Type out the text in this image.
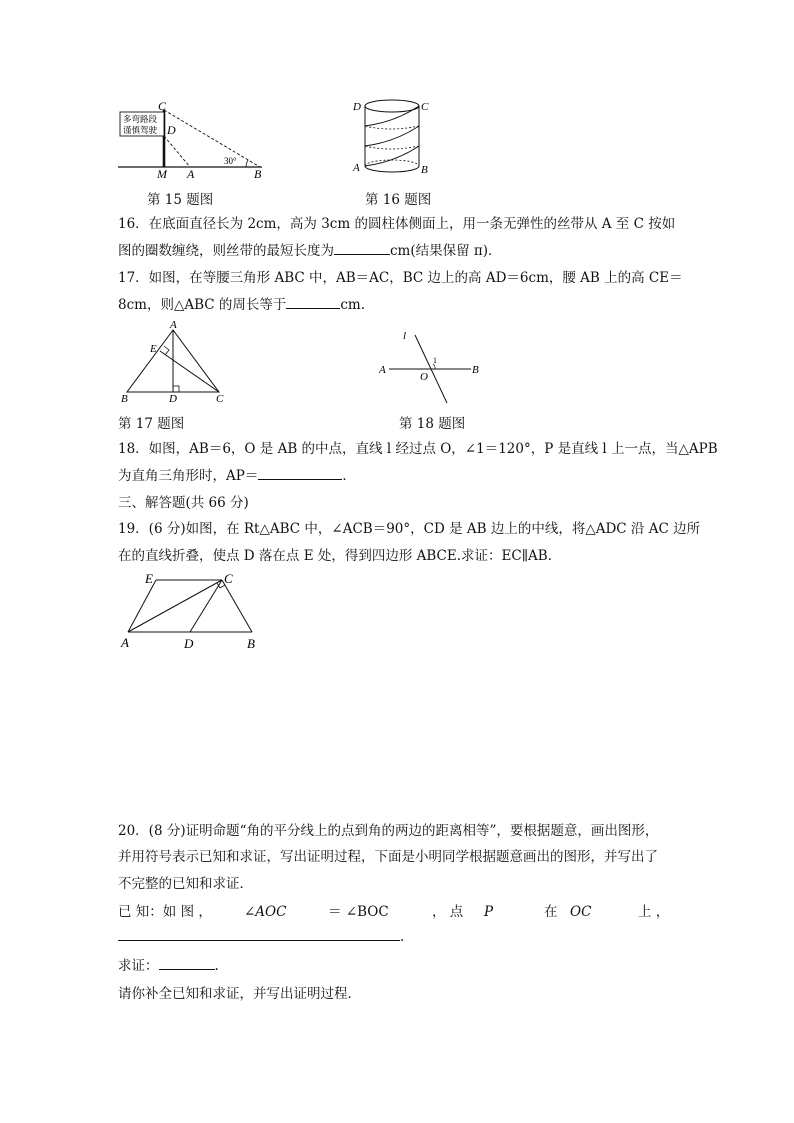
多弯路段
谨慎驾驶
C
D
M A	B
30°
第 15 题图
D	C
A	B
第 16 题图
16．在底面直径长为 2cm，高为 3cm 的圆柱体侧面上，用一条无弹性的丝带从 A 至 C 按如
图的圈数缠绕，则丝带的最短长度为	cm(结果保留 π)．
17．如图，在等腰三角形 ABC 中，AB＝AC，BC 边上的高 AD＝6cm，腰 AB 上的高 CE＝
8cm，则△ABC 的周长等于	cm.
A
E
B	D	C
第 17 题图
l
A	B
O
1
第 18 题图
18．如图，AB＝6，O 是 AB 的中点，直线 l 经过点 O，∠1＝120°，P 是直线 l 上一点，当△APB
为直角三角形时，AP＝	．
三、解答题(共 66 分)
19．(6 分)如图，在 Rt△ABC 中，∠ACB＝90°，CD 是 AB 边上的中线，将△ADC 沿 AC 边所
在的直线折叠，使点 D 落在点 E 处，得到四边形 ABCE.求证：EC∥AB.
E	C
A	D	B
20．(8 分)证明命题“角的平分线上的点到角的两边的距离相等”，要根据题意，画出图形，
并用符号表示已知和求证，写出证明过程，下面是小明同学根据题意画出的图形，并写出了
不完整的已知和求证．
已 知：如 图 ， ∠AOC	＝ ∠BOC	， 点 P	在 OC	上 ，
.
求证：	.
请你补全已知和求证，并写出证明过程．
